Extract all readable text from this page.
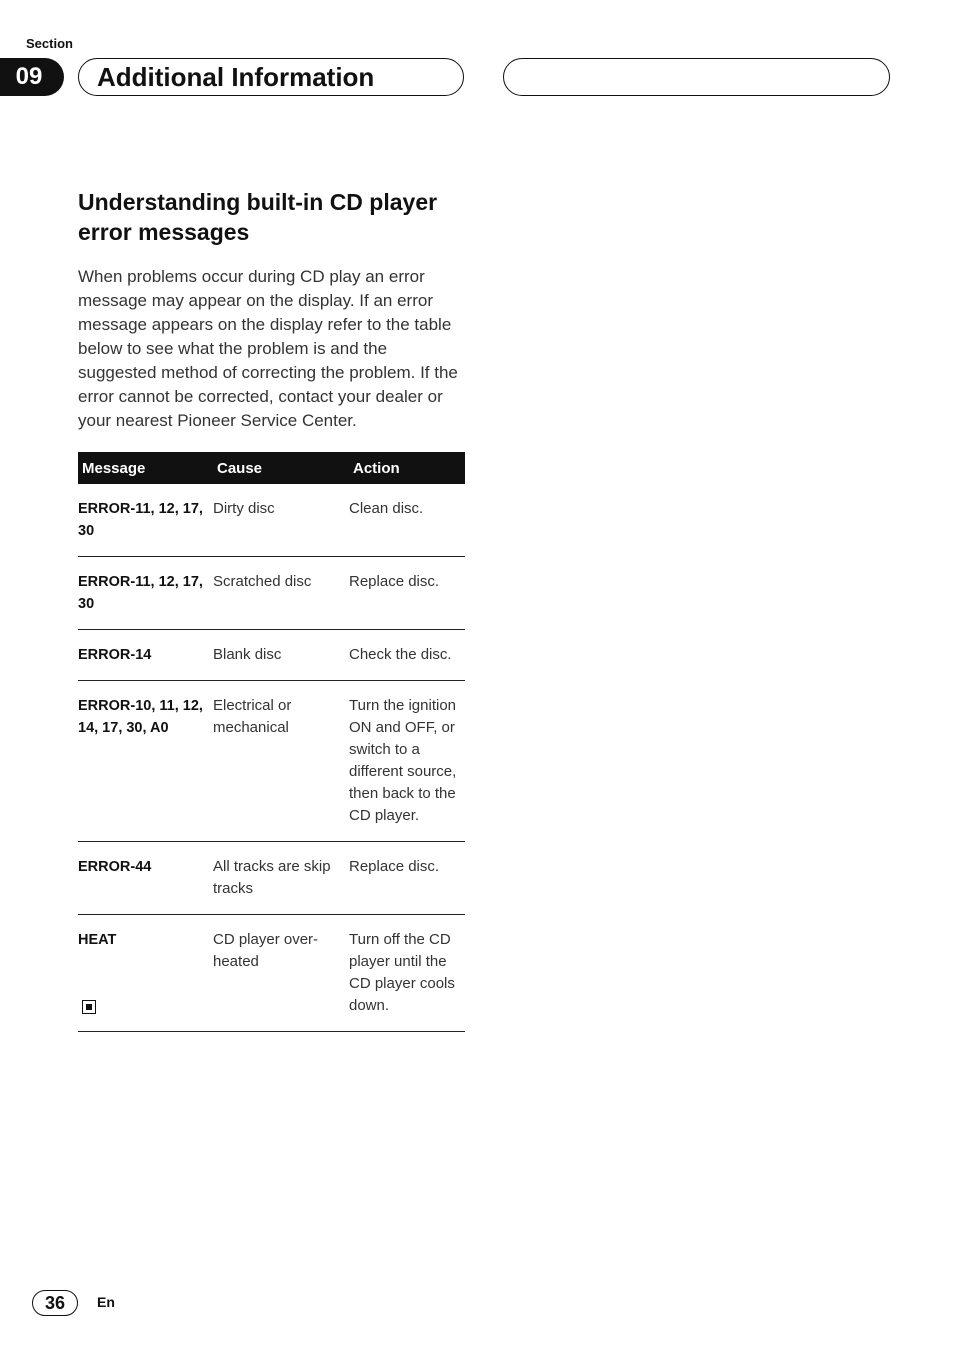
Section
09	Additional Information
Understanding built-in CD player
error messages

When problems occur during CD play an error message may appear on the display. If an error message appears on the display refer to the table below to see what the problem is and the suggested method of correcting the problem. If the error cannot be corrected, contact your dealer or your nearest Pioneer Service Center.

Message	Cause	Action
ERROR-11, 12, 17, 30	Dirty disc	Clean disc.
ERROR-11, 12, 17, 30	Scratched disc	Replace disc.
ERROR-14	Blank disc	Check the disc.
ERROR-10, 11, 12, 14, 17, 30, A0	Electrical or mechanical	Turn the ignition ON and OFF, or switch to a different source, then back to the CD player.
ERROR-44	All tracks are skip tracks	Replace disc.
HEAT	CD player over-heated	Turn off the CD player until the CD player cools down.
36	En
